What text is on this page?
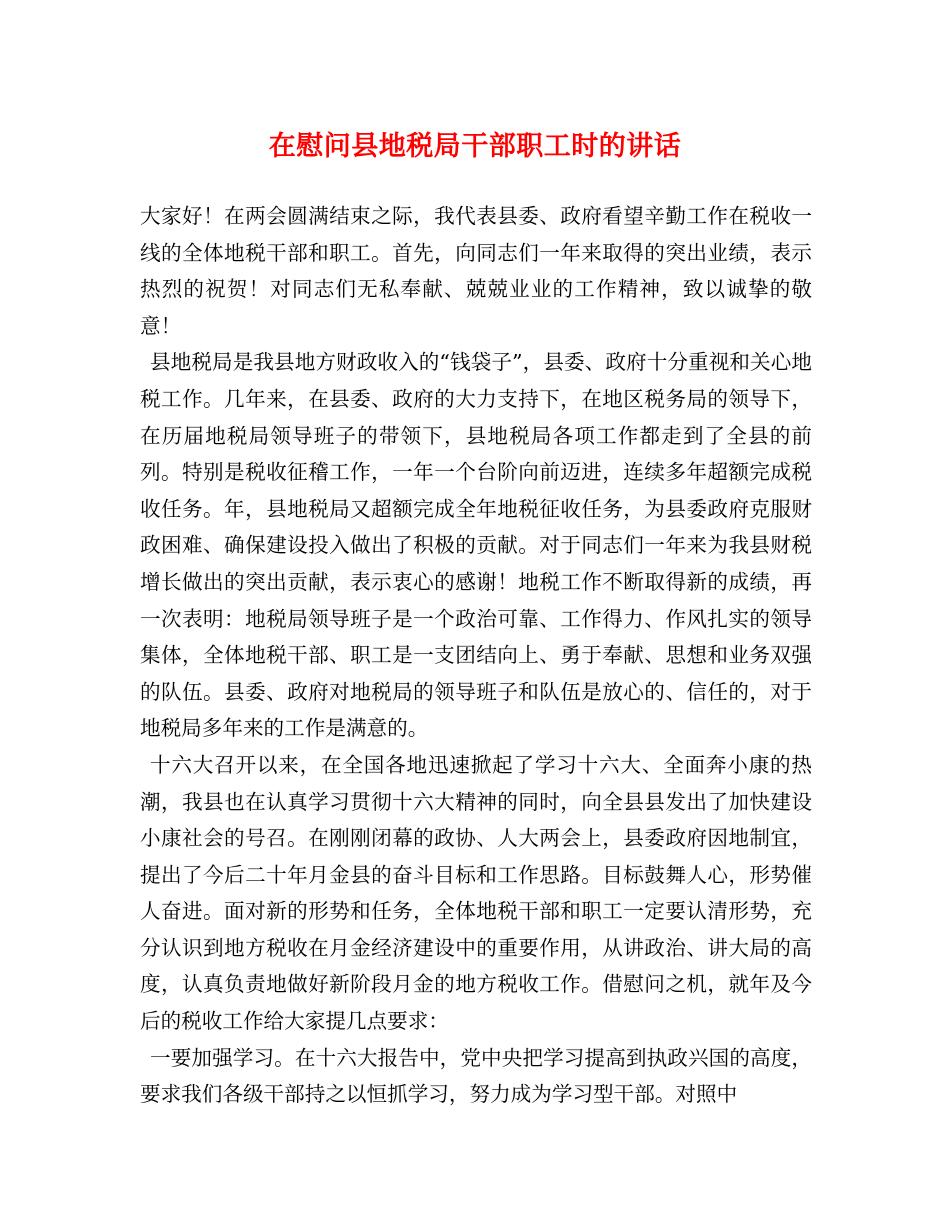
在慰问县地税局干部职工时的讲话

大家好！在两会圆满结束之际，我代表县委、政府看望辛勤工作在税收一线的全体地税干部和职工。首先，向同志们一年来取得的突出业绩，表示热烈的祝贺！对同志们无私奉献、兢兢业业的工作精神，致以诚挚的敬意！

县地税局是我县地方财政收入的“钱袋子”，县委、政府十分重视和关心地税工作。几年来，在县委、政府的大力支持下，在地区税务局的领导下，在历届地税局领导班子的带领下，县地税局各项工作都走到了全县的前列。特别是税收征稽工作，一年一个台阶向前迈进，连续多年超额完成税收任务。年，县地税局又超额完成全年地税征收任务，为县委政府克服财政困难、确保建设投入做出了积极的贡献。对于同志们一年来为我县财税增长做出的突出贡献，表示衷心的感谢！地税工作不断取得新的成绩，再一次表明：地税局领导班子是一个政治可靠、工作得力、作风扎实的领导集体，全体地税干部、职工是一支团结向上、勇于奉献、思想和业务双强的队伍。县委、政府对地税局的领导班子和队伍是放心的、信任的，对于地税局多年来的工作是满意的。

十六大召开以来，在全国各地迅速掀起了学习十六大、全面奔小康的热潮，我县也在认真学习贯彻十六大精神的同时，向全县县发出了加快建设小康社会的号召。在刚刚闭幕的政协、人大两会上，县委政府因地制宜，提出了今后二十年月金县的奋斗目标和工作思路。目标鼓舞人心，形势催人奋进。面对新的形势和任务，全体地税干部和职工一定要认清形势，充分认识到地方税收在月金经济建设中的重要作用，从讲政治、讲大局的高度，认真负责地做好新阶段月金的地方税收工作。借慰问之机，就年及今后的税收工作给大家提几点要求：

一要加强学习。在十六大报告中，党中央把学习提高到执政兴国的高度，要求我们各级干部持之以恒抓学习，努力成为学习型干部。对照中
